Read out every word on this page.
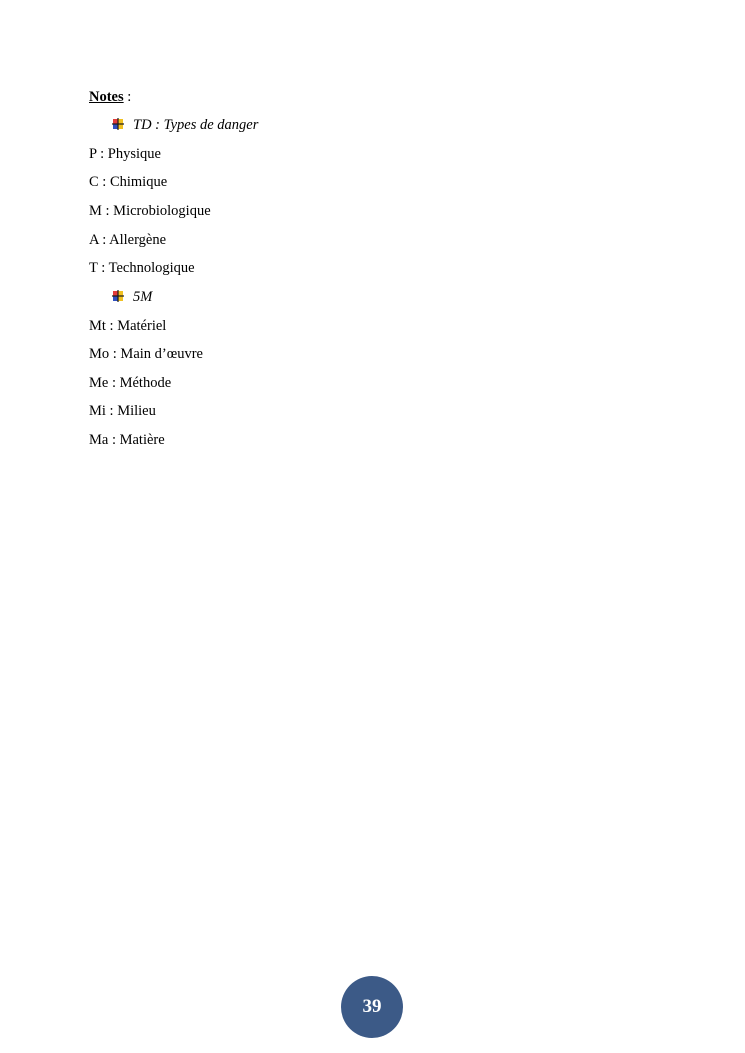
Notes :
TD : Types de danger
P : Physique
C : Chimique
M : Microbiologique
A : Allergène
T : Technologique
5M
Mt : Matériel
Mo : Main d’œuvre
Me : Méthode
Mi : Milieu
Ma : Matière
39
